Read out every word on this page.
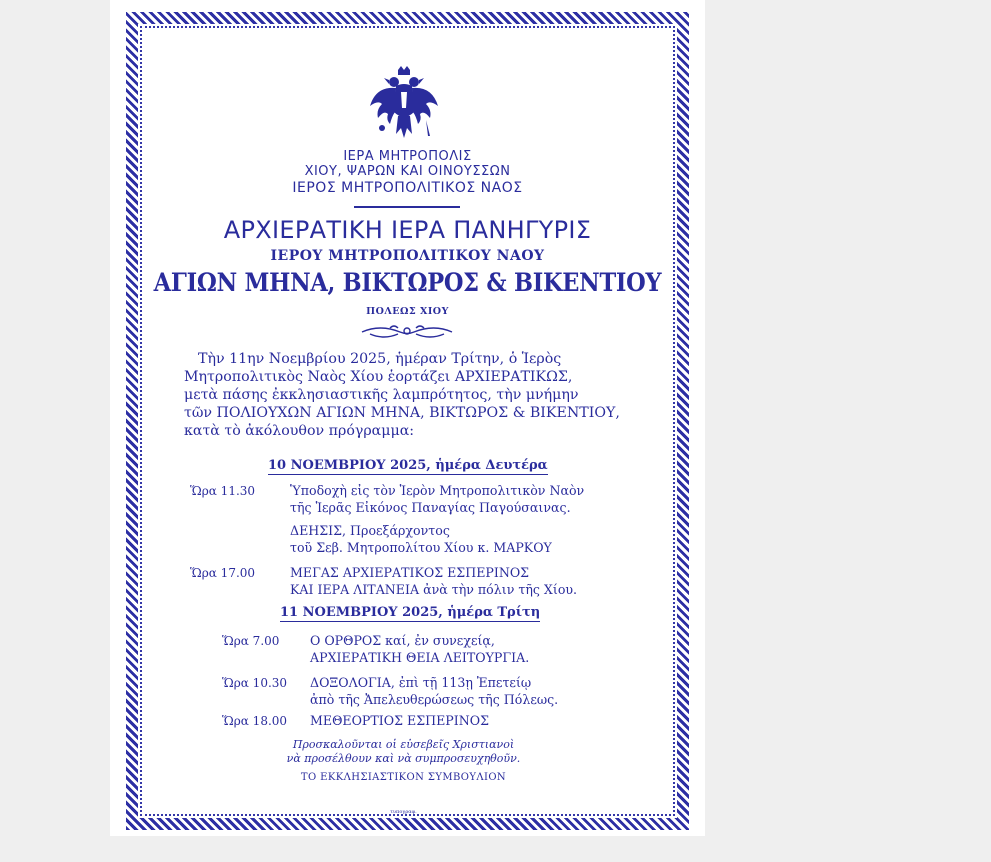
ΙΕΡΑ ΜΗΤΡΟΠΟΛΙΣ
ΧΙΟΥ, ΨΑΡΩΝ ΚΑΙ ΟΙΝΟΥΣΣΩΝ
ΙΕΡΟΣ ΜΗΤΡΟΠΟΛΙΤΙΚΟΣ ΝΑΟΣ
ΑΡΧΙΕΡΑΤΙΚΗ ΙΕΡΑ ΠΑΝΗΓΥΡΙΣ
ΙΕΡΟΥ ΜΗΤΡΟΠΟΛΙΤΙΚΟΥ ΝΑΟΥ
ΑΓΙΩΝ ΜΗΝΑ, ΒΙΚΤΩΡΟΣ & ΒΙΚΕΝΤΙΟΥ
ΠΟΛΕΩΣ ΧΙΟΥ
Τὴν 11ην Νοεμβρίου 2025, ἡμέραν Τρίτην, ὁ Ἱερὸς
Μητροπολιτικὸς Ναὸς Χίου ἑορτάζει ΑΡΧΙΕΡΑΤΙΚΩΣ,
μετὰ πάσης ἐκκλησιαστικῆς λαμπρότητος, τὴν μνήμην
τῶν ΠΟΛΙΟΥΧΩΝ ΑΓΙΩΝ ΜΗΝΑ, ΒΙΚΤΩΡΟΣ & ΒΙΚΕΝΤΙΟΥ,
κατὰ τὸ ἀκόλουθον πρόγραμμα:
10 ΝΟΕΜΒΡΙΟΥ 2025, ἡμέρα Δευτέρα
Ὥρα 11.30	Ὑποδοχὴ εἰς τὸν Ἱερὸν Μητροπολιτικὸν Ναὸν
τῆς Ἱερᾶς Εἰκόνος Παναγίας Παγούσαινας.
ΔΕΗΣΙΣ, Προεξάρχοντος
τοῦ Σεβ. Μητροπολίτου Χίου κ. ΜΑΡΚΟΥ
Ὥρα 17.00	ΜΕΓΑΣ ΑΡΧΙΕΡΑΤΙΚΟΣ ΕΣΠΕΡΙΝΟΣ
ΚΑΙ ΙΕΡΑ ΛΙΤΑΝΕΙΑ ἀνὰ τὴν πόλιν τῆς Χίου.
11 ΝΟΕΜΒΡΙΟΥ 2025, ἡμέρα Τρίτη
Ὥρα 7.00 Ο ΟΡΘΡΟΣ καί, ἐν συνεχείᾳ,
ΑΡΧΙΕΡΑΤΙΚΗ ΘΕΙΑ ΛΕΙΤΟΥΡΓΙΑ.
Ὥρα 10.30 ΔΟΞΟΛΟΓΙΑ, ἐπὶ τῇ 113ῃ Ἐπετείῳ
ἀπὸ τῆς Ἀπελευθερώσεως τῆς Πόλεως.
Ὥρα 18.00 ΜΕΘΕΟΡΤΙΟΣ ΕΣΠΕΡΙΝΟΣ
Προσκαλοῦνται οἱ εὐσεβεῖς Χριστιανοὶ
νὰ προσέλθουν καὶ νὰ συμπροσευχηθοῦν.
ΤΟ ΕΚΚΛΗΣΙΑΣΤΙΚΟΝ ΣΥΜΒΟΥΛΙΟΝ
τυπογραφ.
